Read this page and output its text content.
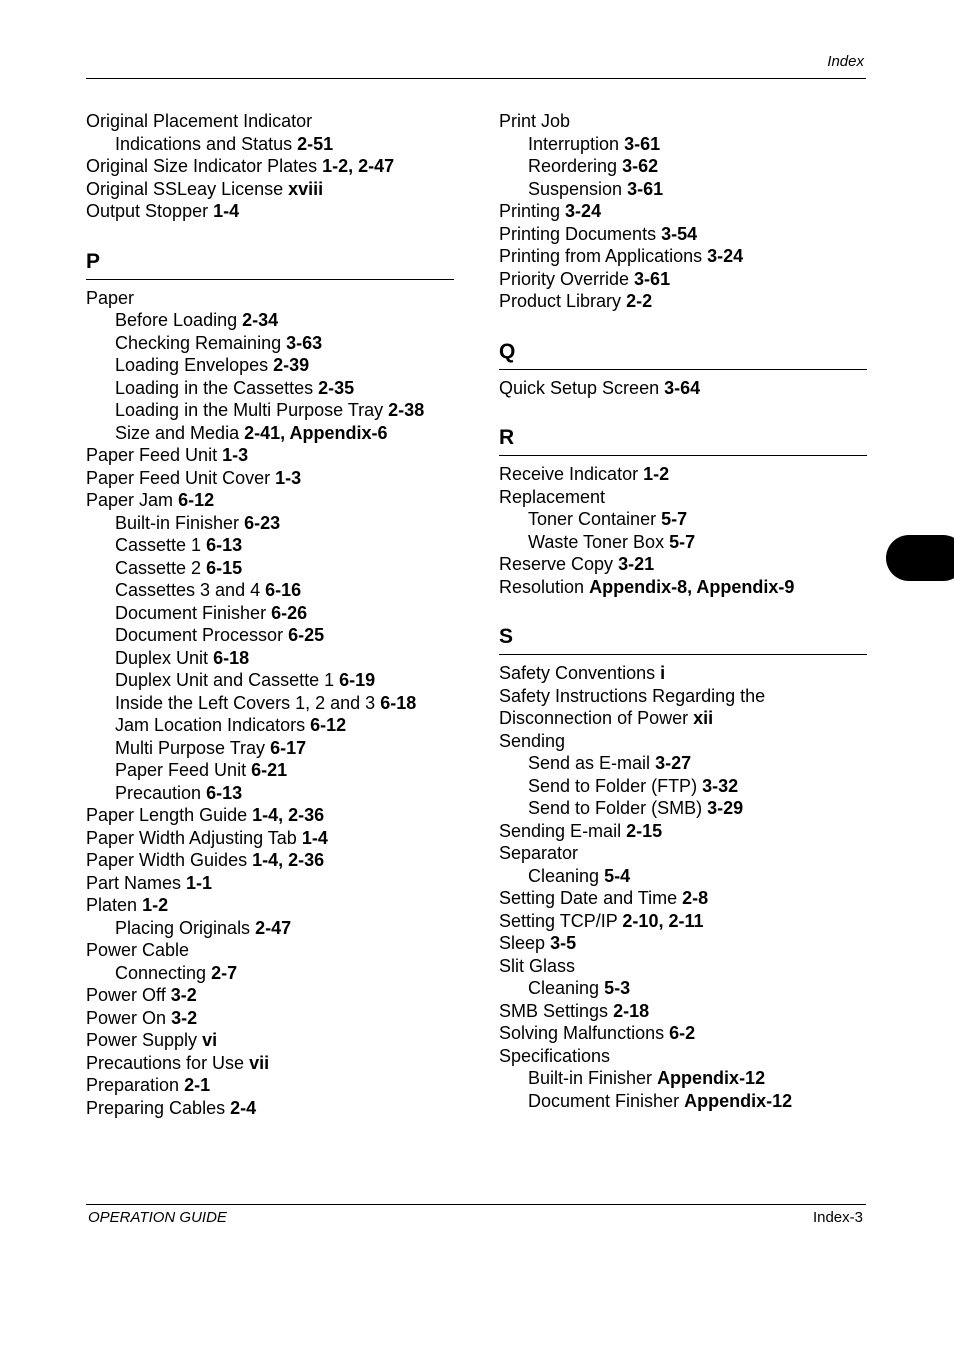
Index
Original Placement Indicator
Indications and Status 2-51
Original Size Indicator Plates 1-2, 2-47
Original SSLeay License xviii
Output Stopper 1-4
P
Paper
Before Loading 2-34
Checking Remaining 3-63
Loading Envelopes 2-39
Loading in the Cassettes 2-35
Loading in the Multi Purpose Tray 2-38
Size and Media 2-41, Appendix-6
Paper Feed Unit 1-3
Paper Feed Unit Cover 1-3
Paper Jam 6-12
Built-in Finisher 6-23
Cassette 1 6-13
Cassette 2 6-15
Cassettes 3 and 4 6-16
Document Finisher 6-26
Document Processor 6-25
Duplex Unit 6-18
Duplex Unit and Cassette 1 6-19
Inside the Left Covers 1, 2 and 3 6-18
Jam Location Indicators 6-12
Multi Purpose Tray 6-17
Paper Feed Unit 6-21
Precaution 6-13
Paper Length Guide 1-4, 2-36
Paper Width Adjusting Tab 1-4
Paper Width Guides 1-4, 2-36
Part Names 1-1
Platen 1-2
Placing Originals 2-47
Power Cable
Connecting 2-7
Power Off 3-2
Power On 3-2
Power Supply vi
Precautions for Use vii
Preparation 2-1
Preparing Cables 2-4
Print Job
Interruption 3-61
Reordering 3-62
Suspension 3-61
Printing 3-24
Printing Documents 3-54
Printing from Applications 3-24
Priority Override 3-61
Product Library 2-2
Q
Quick Setup Screen 3-64
R
Receive Indicator 1-2
Replacement
Toner Container 5-7
Waste Toner Box 5-7
Reserve Copy 3-21
Resolution Appendix-8, Appendix-9
S
Safety Conventions i
Safety Instructions Regarding the
Disconnection of Power xii
Sending
Send as E-mail 3-27
Send to Folder (FTP) 3-32
Send to Folder (SMB) 3-29
Sending E-mail 2-15
Separator
Cleaning 5-4
Setting Date and Time 2-8
Setting TCP/IP 2-10, 2-11
Sleep 3-5
Slit Glass
Cleaning 5-3
SMB Settings 2-18
Solving Malfunctions 6-2
Specifications
Built-in Finisher Appendix-12
Document Finisher Appendix-12
OPERATION GUIDE	Index-3
